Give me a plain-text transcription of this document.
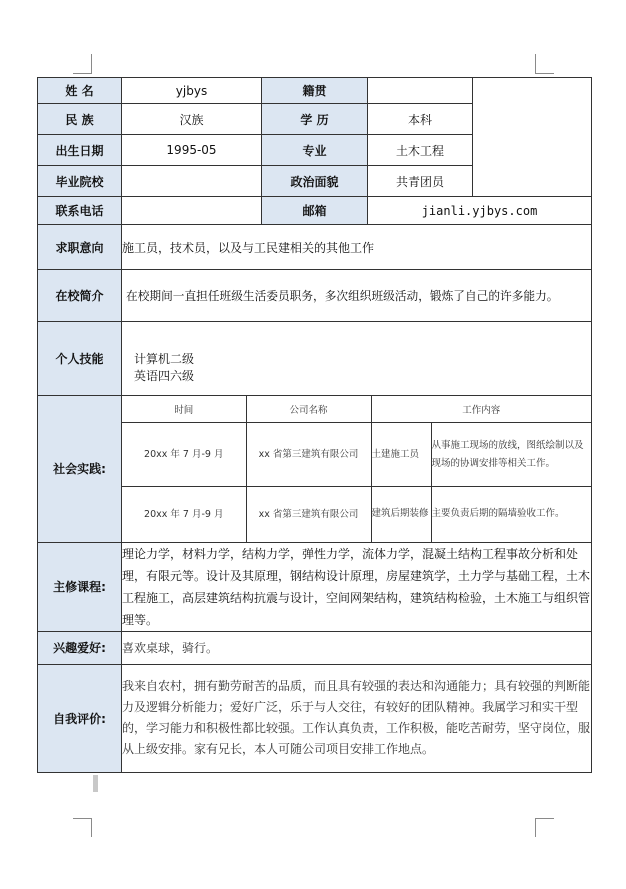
姓 名	yjbys	籍贯		
民 族	汉族	学 历	本科
出生日期	1995-05	专业	土木工程
毕业院校		政治面貌	共青团员
联系电话		邮箱	jianli.yjbys.com
求职意向	施工员，技术员，以及与工民建相关的其他工作
在校简介	在校期间一直担任班级生活委员职务，多次组织班级活动，锻炼了自己的许多能力。
个人技能	计算机二级
英语四六级

社会实践:	
时间	公司名称	工作内容
20xx 年 7 月-9 月	xx 省第三建筑有限公司	土建施工员	从事施工现场的放线，图纸绘制以及现场的协调安排等相关工作。
20xx 年 7 月-9 月	xx 省第三建筑有限公司	建筑后期装修	主要负责后期的隔墙验收工作。

主修课程:	理论力学，材料力学，结构力学，弹性力学，流体力学，混凝土结构工程事故分析和处理，有限元等。设计及其原理，钢结构设计原理，房屋建筑学，土力学与基础工程，土木工程施工，高层建筑结构抗震与设计，空间网架结构，建筑结构检验，土木施工与组织管理等。
兴趣爱好:	喜欢桌球，骑行。
自我评价:	我来自农村，拥有勤劳耐苦的品质，而且具有较强的表达和沟通能力；具有较强的判断能力及逻辑分析能力；爱好广泛，乐于与人交往，有较好的团队精神。我属学习和实干型的，学习能力和积极性都比较强。工作认真负责，工作积极，能吃苦耐劳，坚守岗位，服从上级安排。家有兄长，本人可随公司项目安排工作地点。
